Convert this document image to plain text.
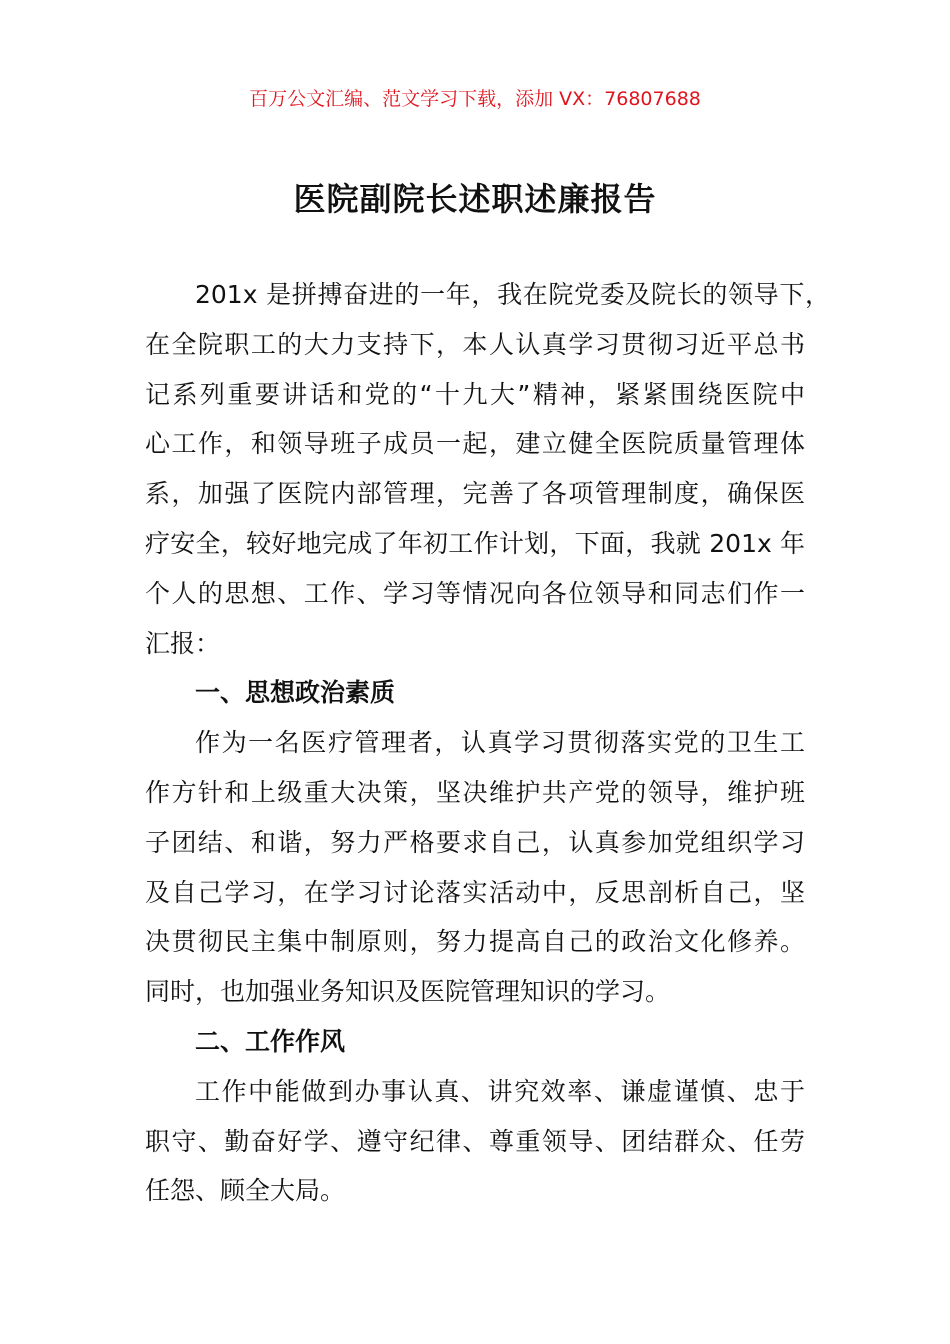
百万公文汇编、范文学习下载，添加 VX：76807688
医院副院长述职述廉报告
201x 是拼搏奋进的一年，我在院党委及院长的领导下，
在全院职工的大力支持下，本人认真学习贯彻习近平总书
记系列重要讲话和党的“十九大”精神，紧紧围绕医院中
心工作，和领导班子成员一起，建立健全医院质量管理体
系，加强了医院内部管理，完善了各项管理制度，确保医
疗安全，较好地完成了年初工作计划，下面，我就 201x 年
个人的思想、工作、学习等情况向各位领导和同志们作一
汇报：
一、思想政治素质
作为一名医疗管理者，认真学习贯彻落实党的卫生工
作方针和上级重大决策，坚决维护共产党的领导，维护班
子团结、和谐，努力严格要求自己，认真参加党组织学习
及自己学习，在学习讨论落实活动中，反思剖析自己，坚
决贯彻民主集中制原则，努力提高自己的政治文化修养。
同时，也加强业务知识及医院管理知识的学习。
二、工作作风
工作中能做到办事认真、讲究效率、谦虚谨慎、忠于
职守、勤奋好学、遵守纪律、尊重领导、团结群众、任劳
任怨、顾全大局。
